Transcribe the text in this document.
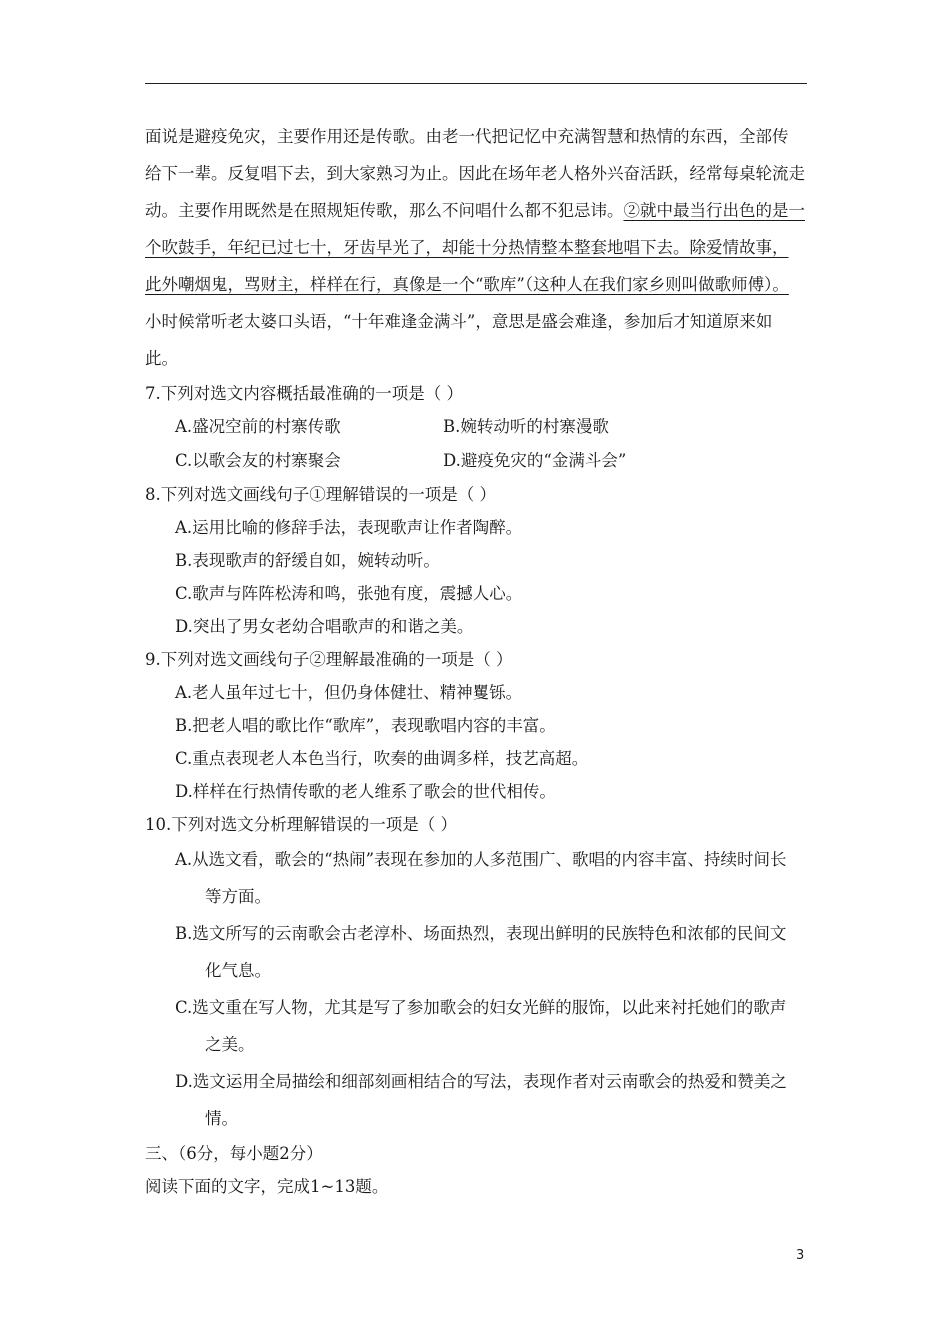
面说是避疫免灾，主要作用还是传歌。由老一代把记忆中充满智慧和热情的东西，全部传
给下一辈。反复唱下去，到大家熟习为止。因此在场年老人格外兴奋活跃，经常每桌轮流走
动。主要作用既然是在照规矩传歌，那么不问唱什么都不犯忌讳。②就中最当行出色的是一
个吹鼓手，年纪已过七十，牙齿早光了，却能十分热情整本整套地唱下去。除爱情故事，
此外嘲烟鬼，骂财主，样样在行，真像是一个“歌库”（这种人在我们家乡则叫做歌师傅）。
小时候常听老太婆口头语，“十年难逢金满斗”，意思是盛会难逢，参加后才知道原来如
此。
7.下列对选文内容概括最准确的一项是（ ）
A.盛况空前的村寨传歌	B.婉转动听的村寨漫歌
C.以歌会友的村寨聚会	D.避疫免灾的“金满斗会”
8.下列对选文画线句子①理解错误的一项是（ ）
A.运用比喻的修辞手法，表现歌声让作者陶醉。
B.表现歌声的舒缓自如，婉转动听。
C.歌声与阵阵松涛和鸣，张弛有度，震撼人心。
D.突出了男女老幼合唱歌声的和谐之美。
9.下列对选文画线句子②理解最准确的一项是（ ）
A.老人虽年过七十，但仍身体健壮、精神矍铄。
B.把老人唱的歌比作“歌库”，表现歌唱内容的丰富。
C.重点表现老人本色当行，吹奏的曲调多样，技艺高超。
D.样样在行热情传歌的老人维系了歌会的世代相传。
10.下列对选文分析理解错误的一项是（ ）
A.从选文看，歌会的“热闹”表现在参加的人多范围广、歌唱的内容丰富、持续时间长
等方面。
B.选文所写的云南歌会古老淳朴、场面热烈，表现出鲜明的民族特色和浓郁的民间文
化气息。
C.选文重在写人物，尤其是写了参加歌会的妇女光鲜的服饰，以此来衬托她们的歌声
之美。
D.选文运用全局描绘和细部刻画相结合的写法，表现作者对云南歌会的热爱和赞美之
情。
三、（6分，每小题2分）
阅读下面的文字，完成1~13题。
3
